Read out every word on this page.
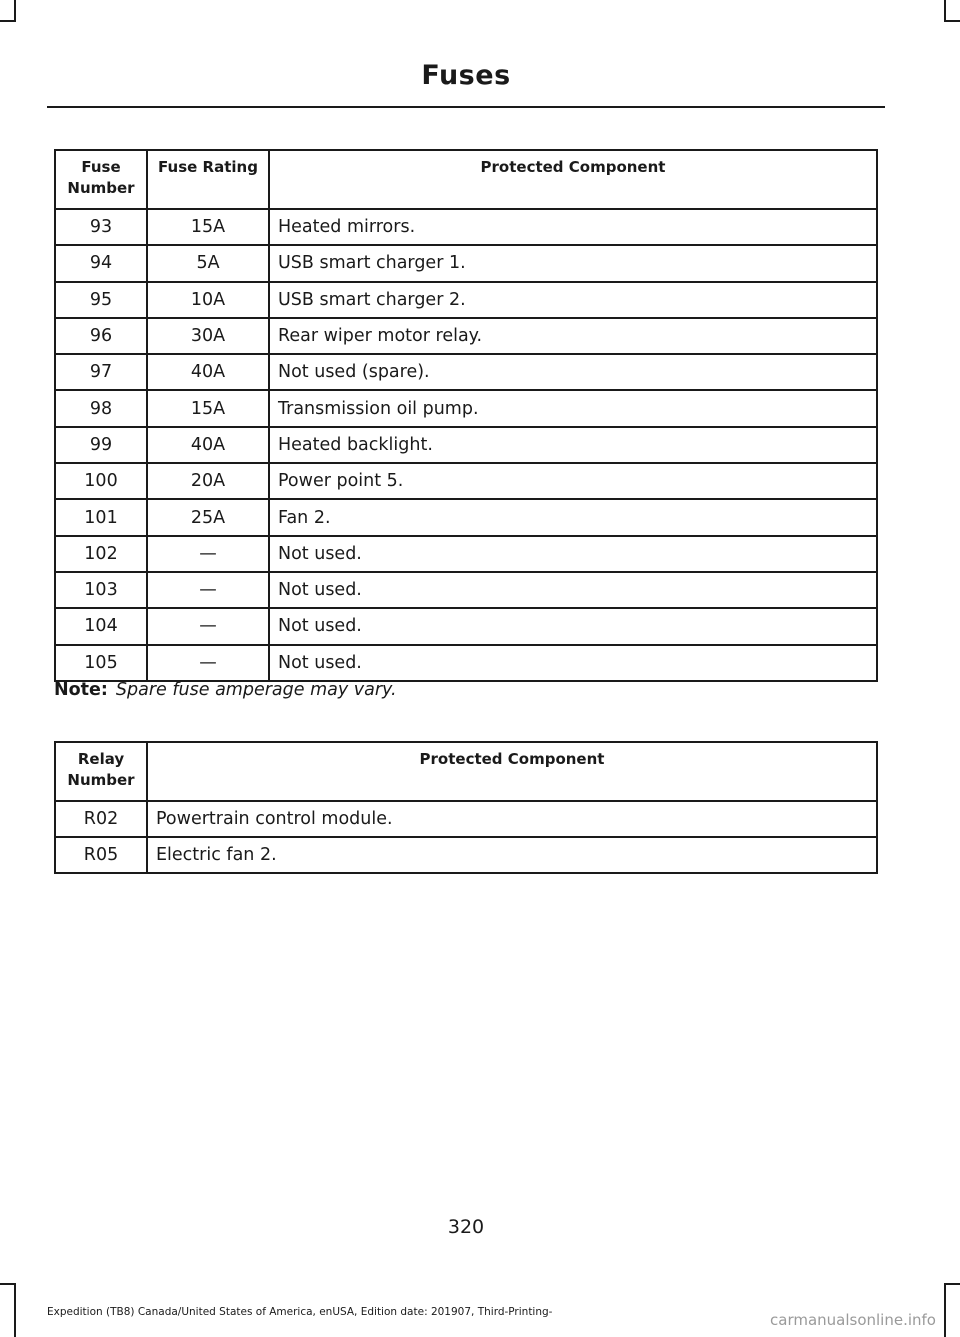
Fuses
Fuse Number	Fuse Rating	Protected Component
93	15A	Heated mirrors.
94	5A	USB smart charger 1.
95	10A	USB smart charger 2.
96	30A	Rear wiper motor relay.
97	40A	Not used (spare).
98	15A	Transmission oil pump.
99	40A	Heated backlight.
100	20A	Power point 5.
101	25A	Fan 2.
102	—	Not used.
103	—	Not used.
104	—	Not used.
105	—	Not used.
Note: Spare fuse amperage may vary.
Relay Number	Protected Component
R02	Powertrain control module.
R05	Electric fan 2.
320
Expedition (TB8) Canada/United States of America, enUSA, Edition date: 201907, Third-Printing-	carmanualsonline.info
